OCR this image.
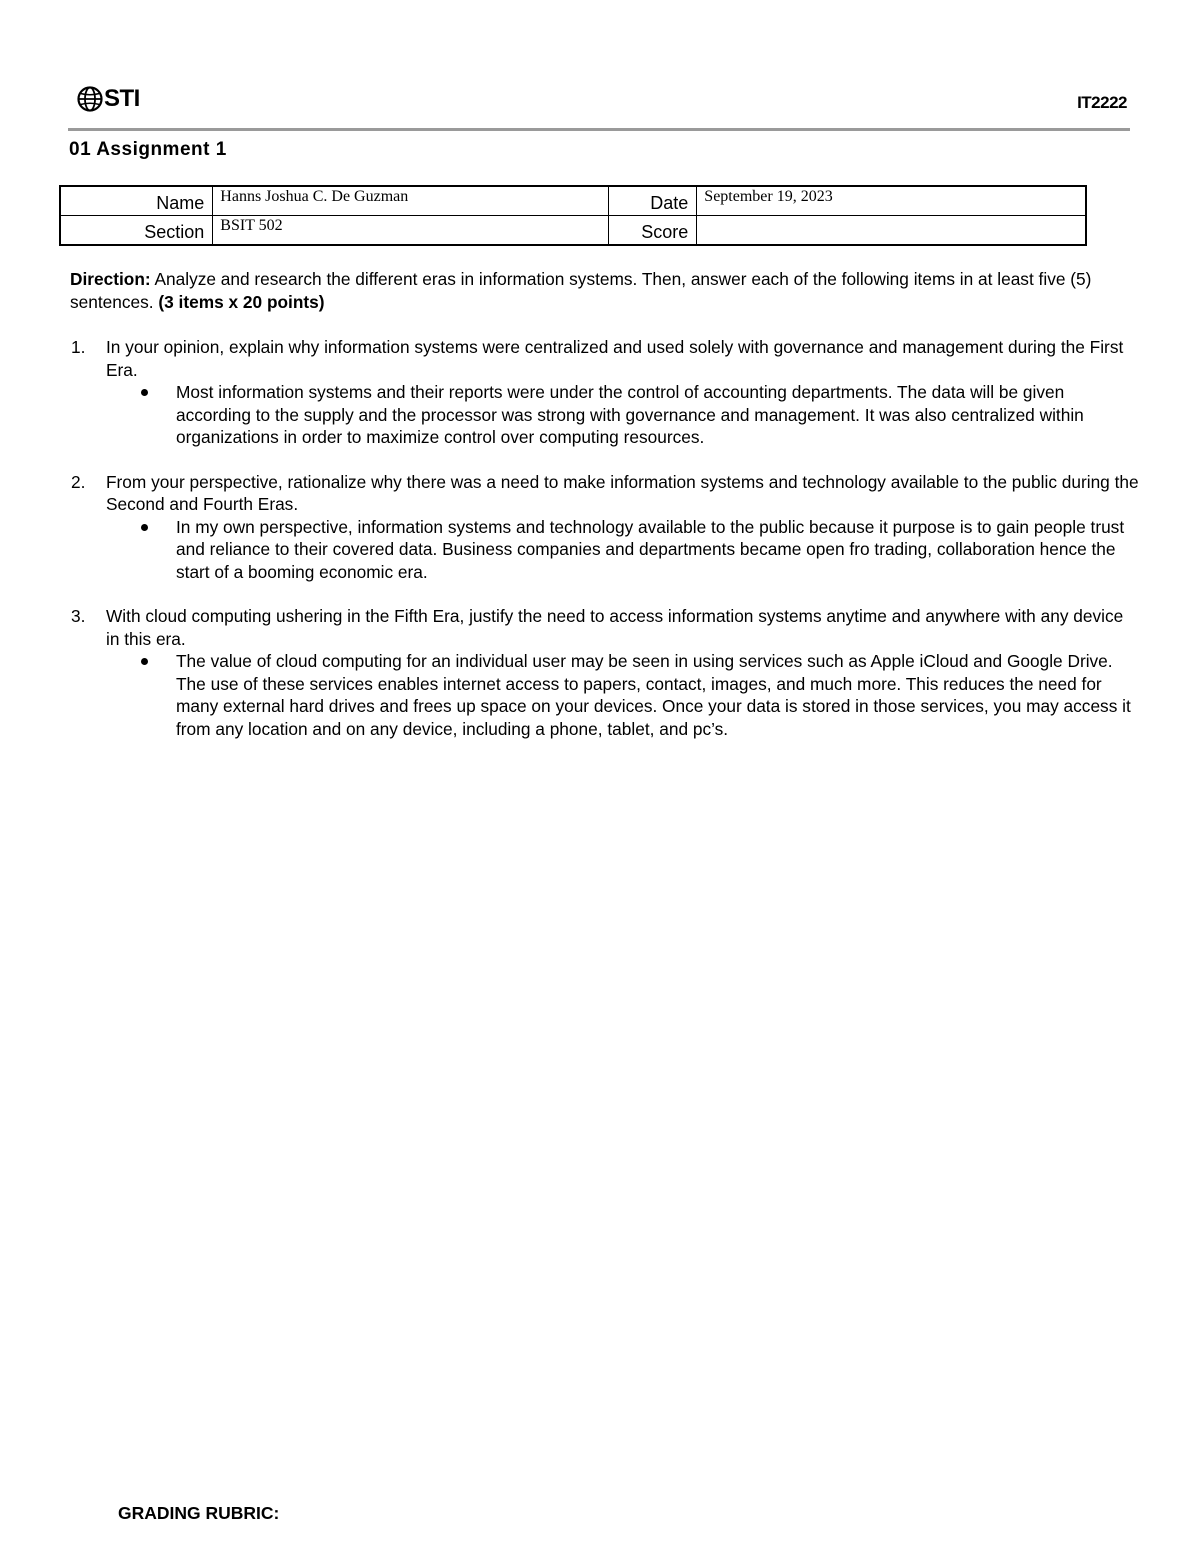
STI	IT2222
01 Assignment 1
Name	Hanns Joshua C. De Guzman	Date	September 19, 2023
Section	BSIT 502	Score	

Direction: Analyze and research the different eras in information systems. Then, answer each of the following items in at least five (5) sentences. (3 items x 20 points)

1. In your opinion, explain why information systems were centralized and used solely with governance and management during the First Era.
Most information systems and their reports were under the control of accounting departments. The data will be given according to the supply and the processor was strong with governance and management. It was also centralized within organizations in order to maximize control over computing resources.
2. From your perspective, rationalize why there was a need to make information systems and technology available to the public during the Second and Fourth Eras.
In my own perspective, information systems and technology available to the public because it purpose is to gain people trust and reliance to their covered data. Business companies and departments became open fro trading, collaboration hence the start of a booming economic era.
3. With cloud computing ushering in the Fifth Era, justify the need to access information systems anytime and anywhere with any device in this era.
The value of cloud computing for an individual user may be seen in using services such as Apple iCloud and Google Drive. The use of these services enables internet access to papers, contact, images, and much more. This reduces the need for many external hard drives and frees up space on your devices. Once your data is stored in those services, you may access it from any location and on any device, including a phone, tablet, and pc’s.
GRADING RUBRIC:
